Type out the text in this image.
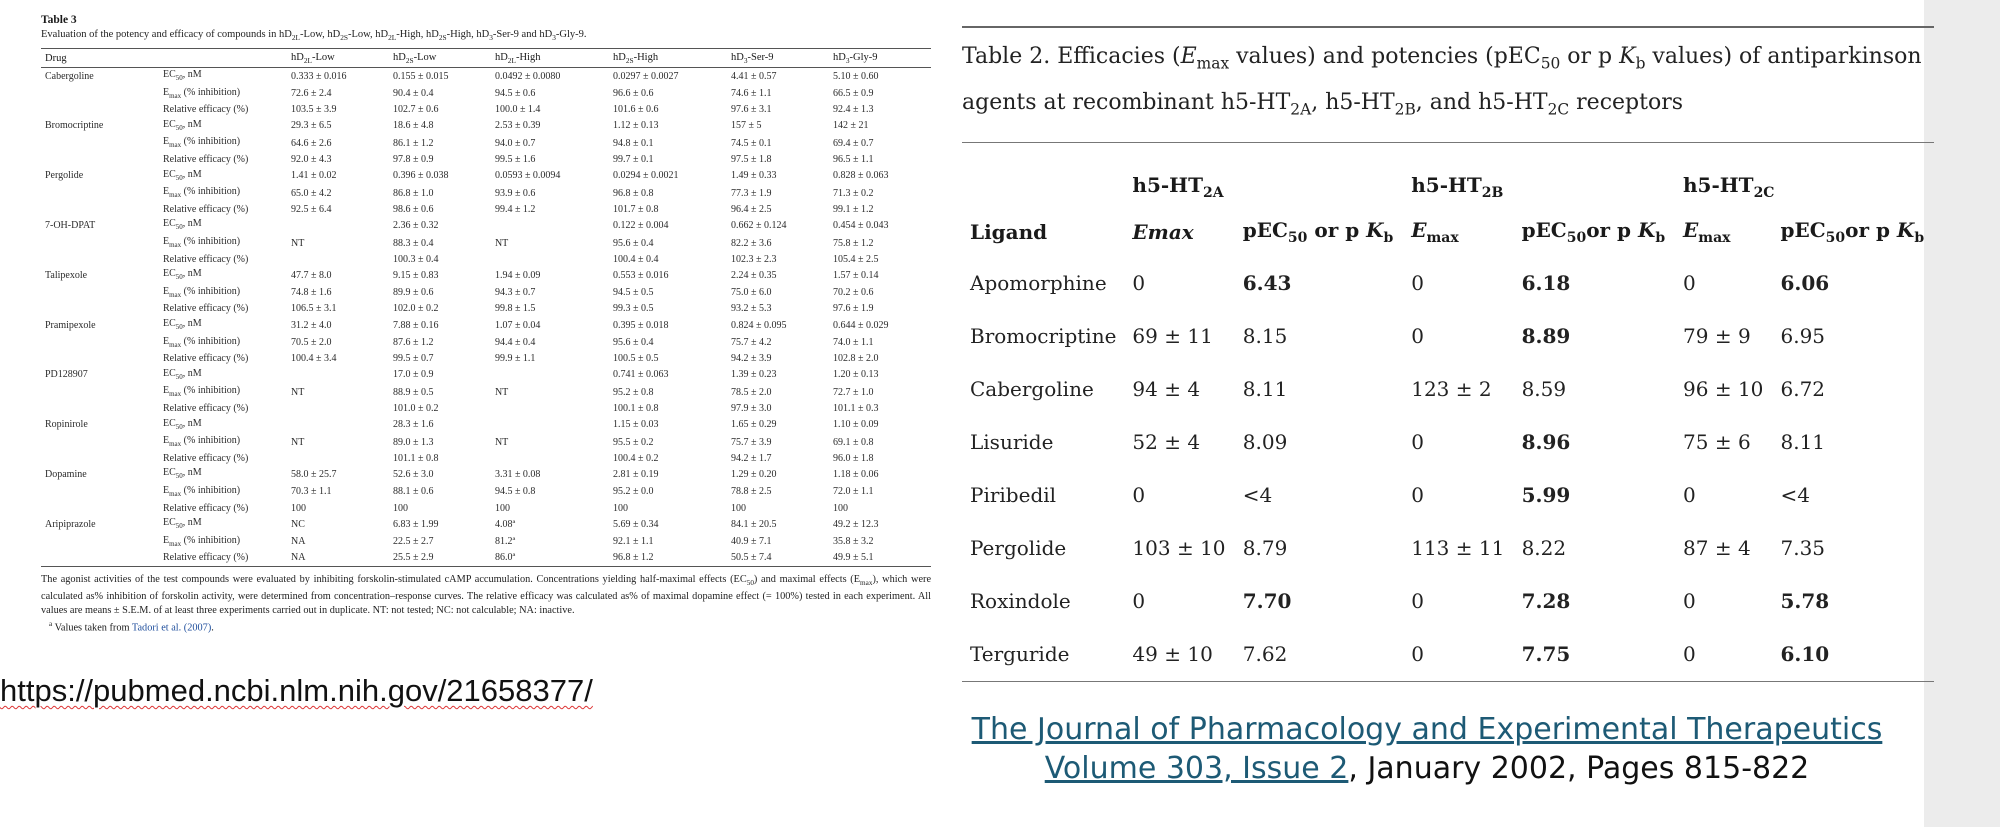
Table 3
Evaluation of the potency and efficacy of compounds in $hD_{2L}$-Low, $hD_{2S}$-Low, $hD_{2L}$-High, $hD_{2S}$-High, $hD_3-Ser-9$ and $hD_3-Gly-9$.
Drug		$hD_{2L}$-Low	$hD_{2S}$-Low	$hD_{2L}$-High	$hD_{2S}$-High	$hD_3-Ser-9$	$hD_3-Gly-9$
Cabergoline	$EC_{50}$, nM	0.333 ± 0.016	0.155 ± 0.015	0.0492 ± 0.0080	0.0297 ± 0.0027	4.41 ± 0.57	5.10 ± 0.60
	$E_{max}$ (% inhibition)	72.6 ± 2.4	90.4 ± 0.4	94.5 ± 0.6	96.6 ± 0.6	74.6 ± 1.1	66.5 ± 0.9
	Relative efficacy (%)	103.5 ± 3.9	102.7 ± 0.6	100.0 ± 1.4	101.6 ± 0.6	97.6 ± 3.1	92.4 ± 1.3
Bromocriptine	$EC_{50}$, nM	29.3 ± 6.5	18.6 ± 4.8	2.53 ± 0.39	1.12 ± 0.13	157 ± 5	142 ± 21
	$E_{max}$ (% inhibition)	64.6 ± 2.6	86.1 ± 1.2	94.0 ± 0.7	94.8 ± 0.1	74.5 ± 0.1	69.4 ± 0.7
	Relative efficacy (%)	92.0 ± 4.3	97.8 ± 0.9	99.5 ± 1.6	99.7 ± 0.1	97.5 ± 1.8	96.5 ± 1.1
Pergolide	$EC_{50}$, nM	1.41 ± 0.02	0.396 ± 0.038	0.0593 ± 0.0094	0.0294 ± 0.0021	1.49 ± 0.33	0.828 ± 0.063
	$E_{max}$ (% inhibition)	65.0 ± 4.2	86.8 ± 1.0	93.9 ± 0.6	96.8 ± 0.8	77.3 ± 1.9	71.3 ± 0.2
	Relative efficacy (%)	92.5 ± 6.4	98.6 ± 0.6	99.4 ± 1.2	101.7 ± 0.8	96.4 ± 2.5	99.1 ± 1.2
7-OH-DPAT	$EC_{50}$, nM		2.36 ± 0.32		0.122 ± 0.004	0.662 ± 0.124	0.454 ± 0.043
	$E_{max}$ (% inhibition)	NT	88.3 ± 0.4	NT	95.6 ± 0.4	82.2 ± 3.6	75.8 ± 1.2
	Relative efficacy (%)		100.3 ± 0.4		100.4 ± 0.4	102.3 ± 2.3	105.4 ± 2.5
Talipexole	$EC_{50}$, nM	47.7 ± 8.0	9.15 ± 0.83	1.94 ± 0.09	0.553 ± 0.016	2.24 ± 0.35	1.57 ± 0.14
	$E_{max}$ (% inhibition)	74.8 ± 1.6	89.9 ± 0.6	94.3 ± 0.7	94.5 ± 0.5	75.0 ± 6.0	70.2 ± 0.6
	Relative efficacy (%)	106.5 ± 3.1	102.0 ± 0.2	99.8 ± 1.5	99.3 ± 0.5	93.2 ± 5.3	97.6 ± 1.9
Pramipexole	$EC_{50}$, nM	31.2 ± 4.0	7.88 ± 0.16	1.07 ± 0.04	0.395 ± 0.018	0.824 ± 0.095	0.644 ± 0.029
	$E_{max}$ (% inhibition)	70.5 ± 2.0	87.6 ± 1.2	94.4 ± 0.4	95.6 ± 0.4	75.7 ± 4.2	74.0 ± 1.1
	Relative efficacy (%)	100.4 ± 3.4	99.5 ± 0.7	99.9 ± 1.1	100.5 ± 0.5	94.2 ± 3.9	102.8 ± 2.0
PD128907	$EC_{50}$, nM		17.0 ± 0.9		0.741 ± 0.063	1.39 ± 0.23	1.20 ± 0.13
	$E_{max}$ (% inhibition)	NT	88.9 ± 0.5	NT	95.2 ± 0.8	78.5 ± 2.0	72.7 ± 1.0
	Relative efficacy (%)		101.0 ± 0.2		100.1 ± 0.8	97.9 ± 3.0	101.1 ± 0.3
Ropinirole	$EC_{50}$, nM		28.3 ± 1.6		1.15 ± 0.03	1.65 ± 0.29	1.10 ± 0.09
	$E_{max}$ (% inhibition)	NT	89.0 ± 1.3	NT	95.5 ± 0.2	75.7 ± 3.9	69.1 ± 0.8
	Relative efficacy (%)		101.1 ± 0.8		100.4 ± 0.2	94.2 ± 1.7	96.0 ± 1.8
Dopamine	$EC_{50}$, nM	58.0 ± 25.7	52.6 ± 3.0	3.31 ± 0.08	2.81 ± 0.19	1.29 ± 0.20	1.18 ± 0.06
	$E_{max}$ (% inhibition)	70.3 ± 1.1	88.1 ± 0.6	94.5 ± 0.8	95.2 ± 0.0	78.8 ± 2.5	72.0 ± 1.1
	Relative efficacy (%)	100	100	100	100	100	100
Aripiprazole	$EC_{50}$, nM	NC	6.83 ± 1.99	4.08ª	5.69 ± 0.34	84.1 ± 20.5	49.2 ± 12.3
	$E_{max}$ (% inhibition)	NA	22.5 ± 2.7	81.2ª	92.1 ± 1.1	40.9 ± 7.1	35.8 ± 3.2
	Relative efficacy (%)	NA	25.5 ± 2.9	86.0ª	96.8 ± 1.2	50.5 ± 7.4	49.9 ± 5.1
The agonist activities of the test compounds were evaluated by inhibiting forskolin-stimulated cAMP accumulation. Concentrations yielding half-maximal effects $(EC_{50})$ and maximal effects $(E_{max})$, which were calculated as% inhibition of forskolin activity, were determined from concentration–response curves. The relative efficacy was calculated as% of maximal dopamine effect (= 100%) tested in each experiment. All values are means ± S.E.M. of at least three experiments carried out in duplicate. NT: not tested; NC: not calculable; NA: inactive.
$^a$ Values taken from Tadori et al. (2007).
https://pubmed.ncbi.nlm.nih.gov/21658377/
Table 2. Efficacies ($E_{max}$ values) and potencies (pEC$_{50}$ or p $K_b$ values) of antiparkinson agents at recombinant $h5-HT_{2A}$, $h5-HT_{2B}$, and $h5-HT_{2C}$ receptors
	$h5-HT_{2A}$		$h5-HT_{2B}$		$h5-HT_{2C}$
Ligand	Emax	pEC$_{50}$ or p $K_b$	$E_{max}$	pEC$_{50}$or p $K_b$	$E_{max}$	pEC$_{50}$or p $K_b$
Apomorphine	0	6.43	0	6.18	0	6.06
Bromocriptine	69 ± 11	8.15	0	8.89	79 ± 9	6.95
Cabergoline	94 ± 4	8.11	123 ± 2	8.59	96 ± 10	6.72
Lisuride	52 ± 4	8.09	0	8.96	75 ± 6	8.11
Piribedil	0	<4	0	5.99	0	<4
Pergolide	103 ± 10	8.79	113 ± 11	8.22	87 ± 4	7.35
Roxindole	0	7.70	0	7.28	0	5.78
Terguride	49 ± 10	7.62	0	7.75	0	6.10
The Journal of Pharmacology and Experimental Therapeutics
Volume 303, Issue 2, January 2002, Pages 815-822
